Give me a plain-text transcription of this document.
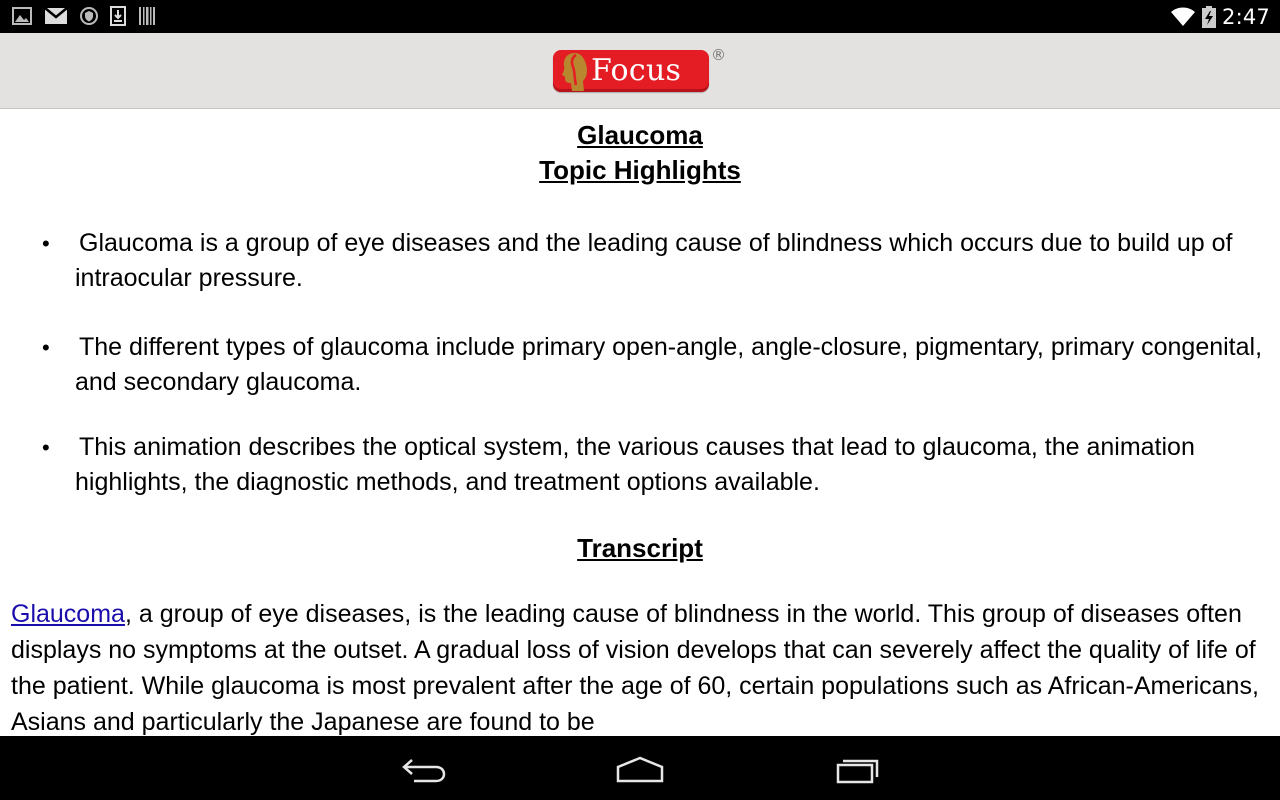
2:47
Focus ®
Glaucoma
Topic Highlights
• Glaucoma is a group of eye diseases and the leading cause of blindness which occurs due to build up of intraocular pressure.
• The different types of glaucoma include primary open-angle, angle-closure, pigmentary, primary congenital, and secondary glaucoma.
• This animation describes the optical system, the various causes that lead to glaucoma, the animation highlights, the diagnostic methods, and treatment options available.
Transcript

Glaucoma, a group of eye diseases, is the leading cause of blindness in the world. This group of diseases often displays no symptoms at the outset. A gradual loss of vision develops that can severely affect the quality of life of the patient. While glaucoma is most prevalent after the age of 60, certain populations such as African-Americans, Asians and particularly the Japanese are found to be
